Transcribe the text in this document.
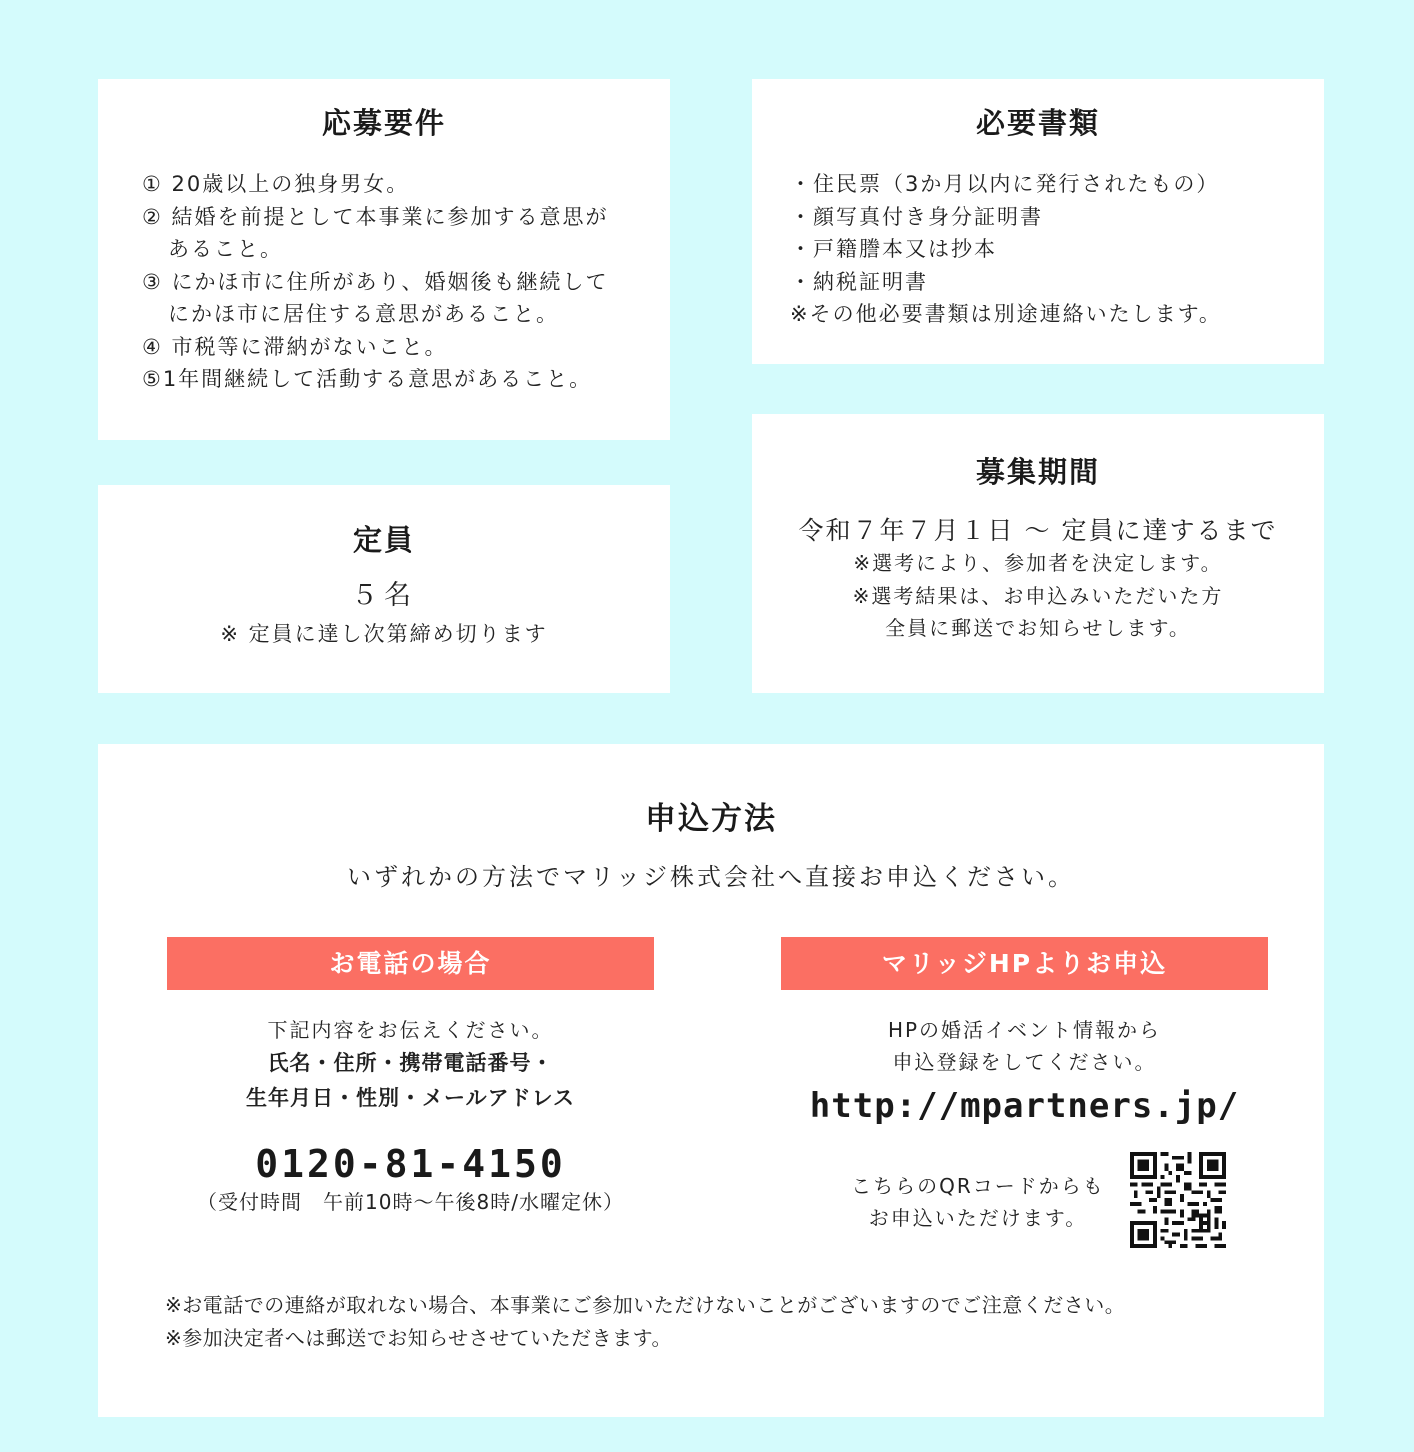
応募要件
① 20歳以上の独身男女。
② 結婚を前提として本事業に参加する意思が
あること。
③ にかほ市に住所があり、婚姻後も継続して
にかほ市に居住する意思があること。
④ 市税等に滞納がないこと。
⑤1年間継続して活動する意思があること。
必要書類
・住民票（3か月以内に発行されたもの）
・顔写真付き身分証明書
・戸籍謄本又は抄本
・納税証明書
※その他必要書類は別途連絡いたします。
定員
５名
※ 定員に達し次第締め切ります
募集期間
令和７年７月１日 ～ 定員に達するまで
※選考により、参加者を決定します。
※選考結果は、お申込みいただいた方
全員に郵送でお知らせします。
申込方法
いずれかの方法でマリッジ株式会社へ直接お申込ください。
お電話の場合	マリッジHPよりお申込
下記内容をお伝えください。
氏名・住所・携帯電話番号・
生年月日・性別・メールアドレス
0120-81-4150
（受付時間　午前10時～午後8時/水曜定休）
HPの婚活イベント情報から
申込登録をしてください。
http://mpartners.jp/
こちらのQRコードからも
お申込いただけます。
※お電話での連絡が取れない場合、本事業にご参加いただけないことがございますのでご注意ください。
※参加決定者へは郵送でお知らせさせていただきます。
